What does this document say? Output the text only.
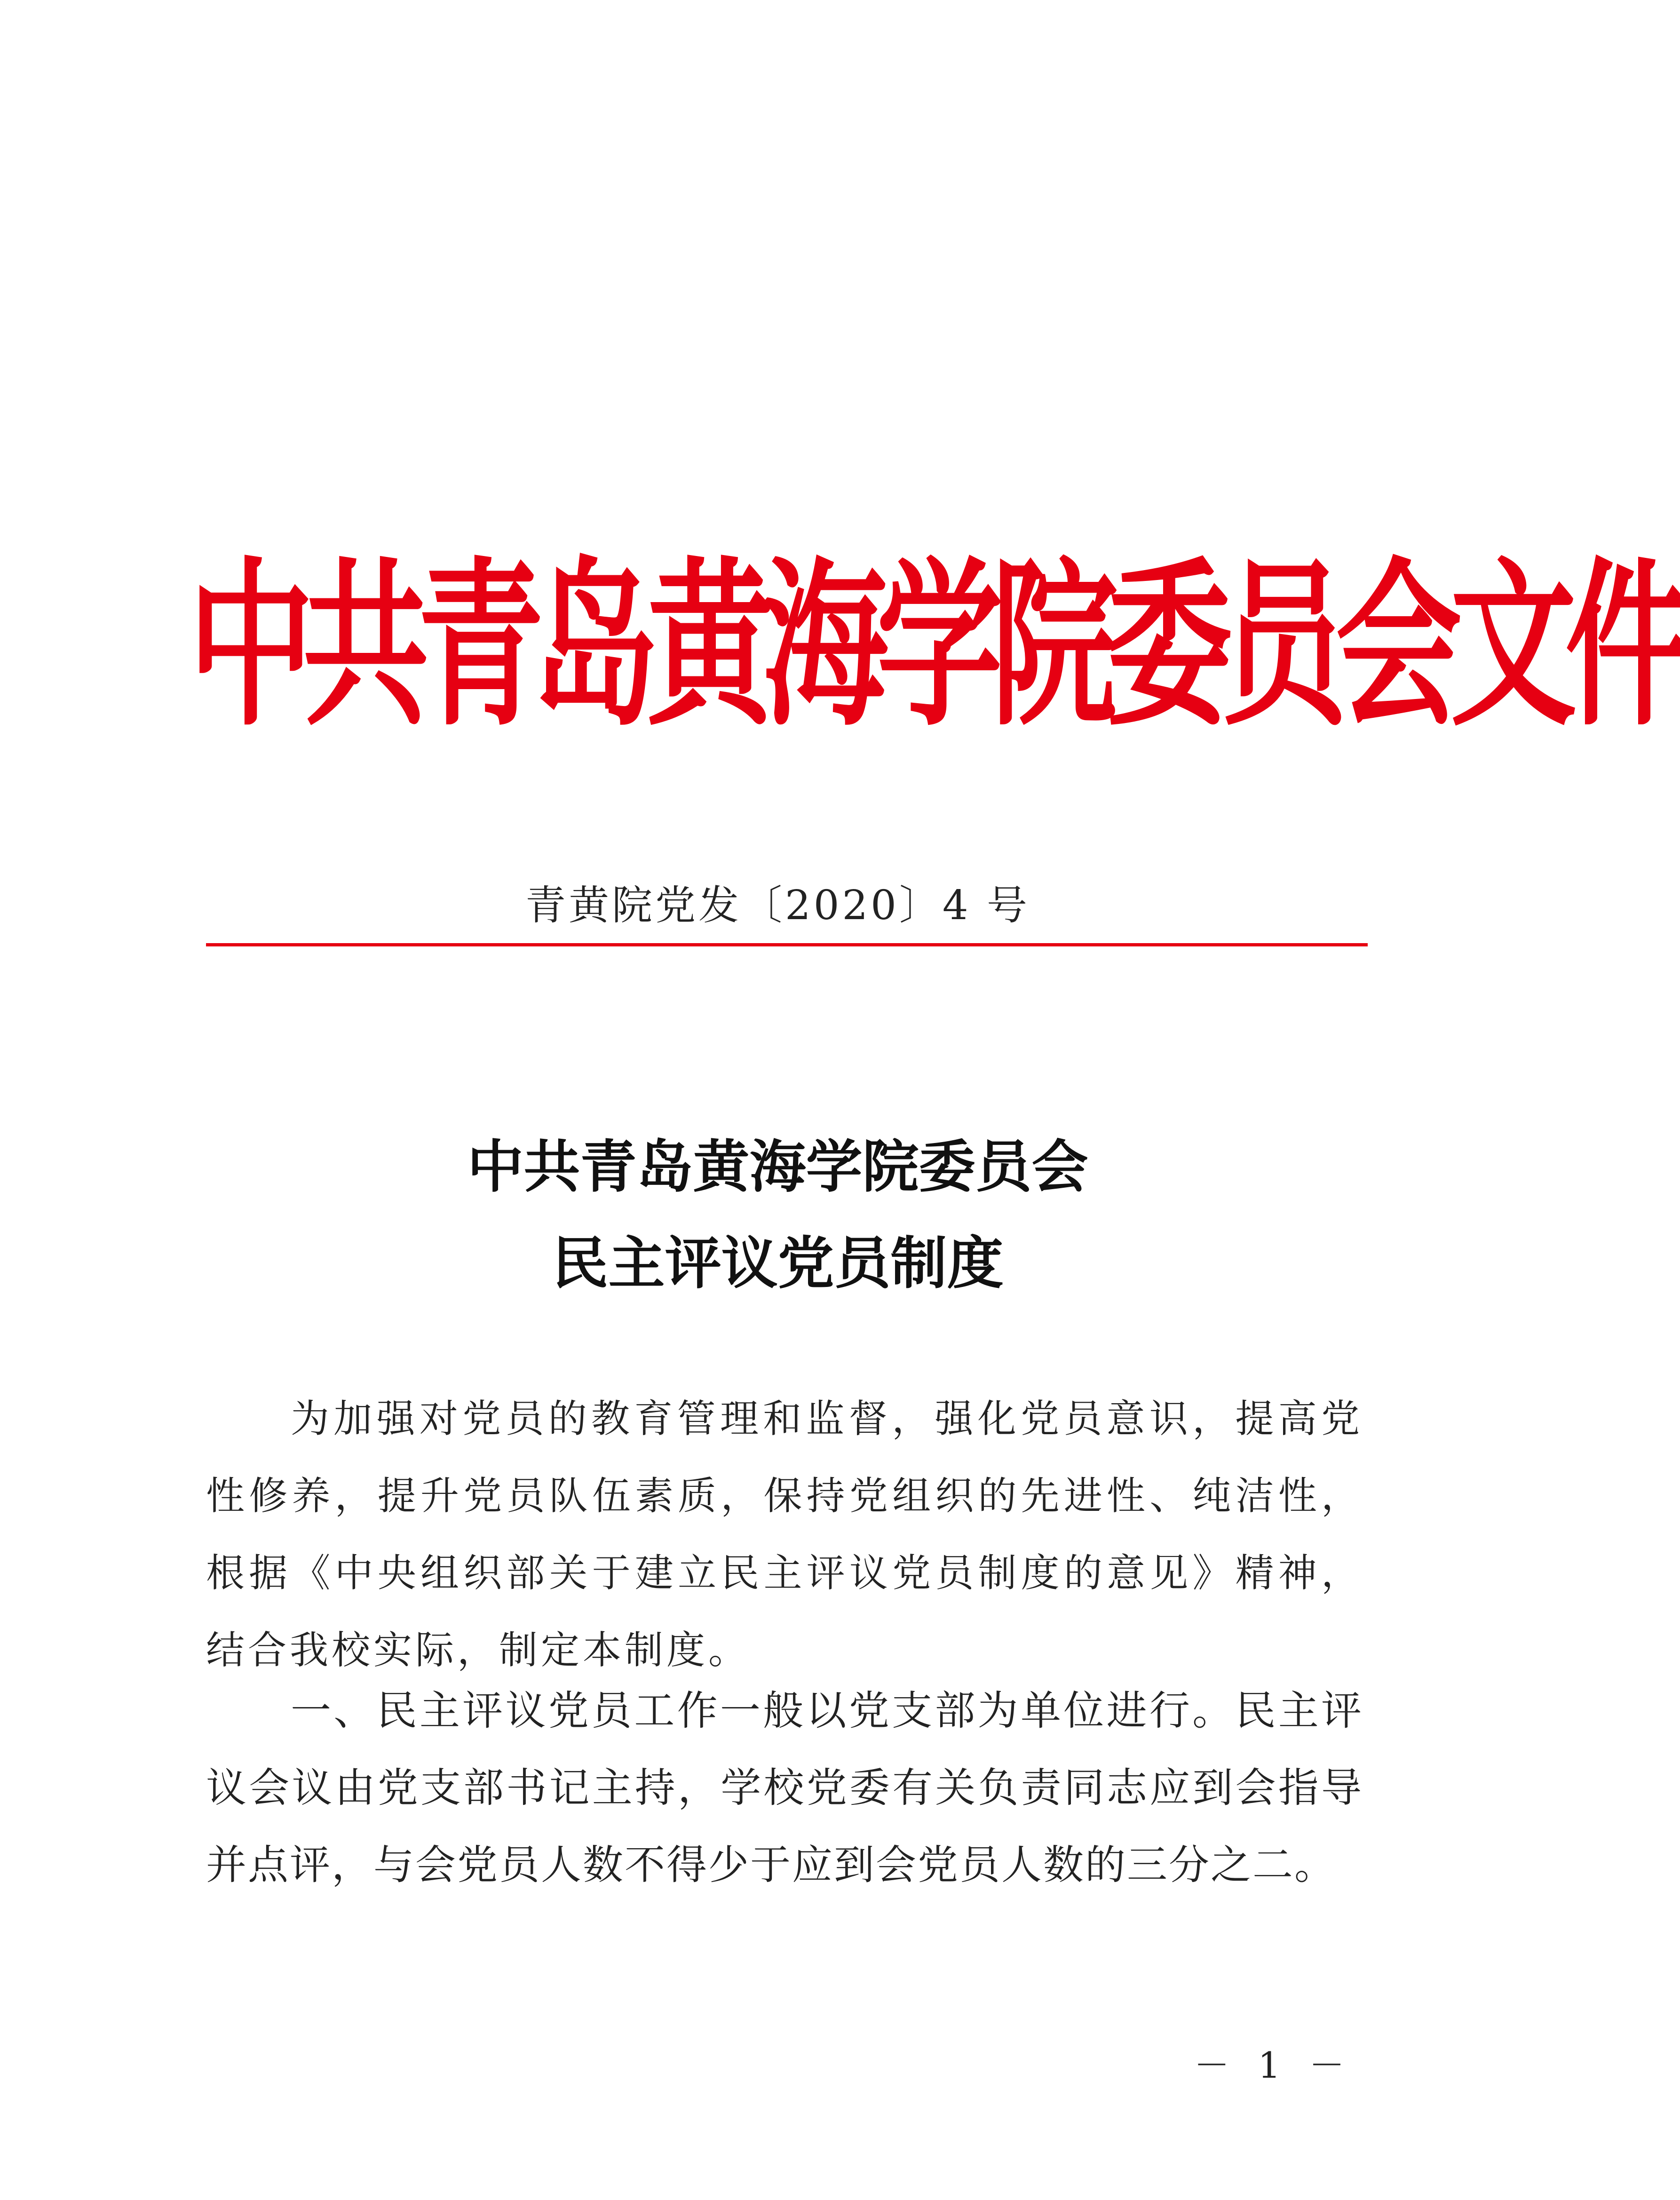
中 共 青 岛 黄 海 学 院 委 员 会 文 件
青黄院党发〔2020〕4 号
中共青岛黄海学院委员会
民主评议党员制度

为加强对党员的教育管理和监督，强化党员意识，提高党性修养，提升党员队伍素质，保持党组织的先进性、纯洁性，根据《中央组织部关于建立民主评议党员制度的意见》精神，结合我校实际，制定本制度。

一、民主评议党员工作一般以党支部为单位进行。民主评议会议由党支部书记主持，学校党委有关负责同志应到会指导并点评，与会党员人数不得少于应到会党员人数的三分之二。

－ 1 －
